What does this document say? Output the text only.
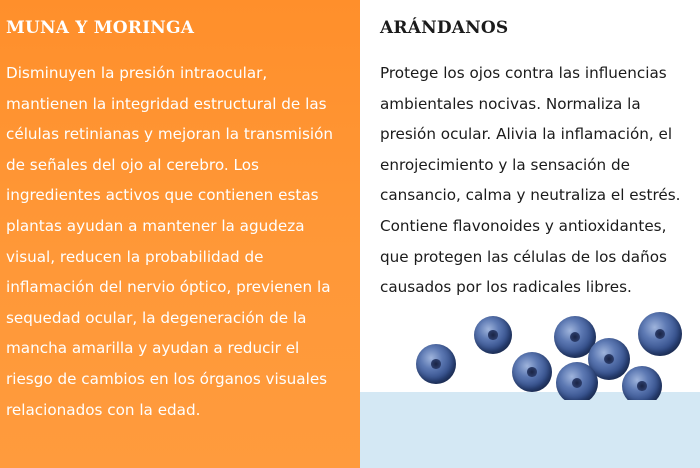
MUNA Y MORINGA

Disminuyen la presión intraocular, mantienen la integridad estructural de las células retinianas y mejoran la transmisión de señales del ojo al cerebro. Los ingredientes activos que contienen estas plantas ayudan a mantener la agudeza visual, reducen la probabilidad de inflamación del nervio óptico, previenen la sequedad ocular, la degeneración de la mancha amarilla y ayudan a reducir el riesgo de cambios en los órganos visuales relacionados con la edad.

ARÁNDANOS

Protege los ojos contra las influencias ambientales nocivas. Normaliza la presión ocular. Alivia la inflamación, el enrojecimiento y la sensación de cansancio, calma y neutraliza el estrés. Contiene flavonoides y antioxidantes, que protegen las células de los daños causados por los radicales libres.
